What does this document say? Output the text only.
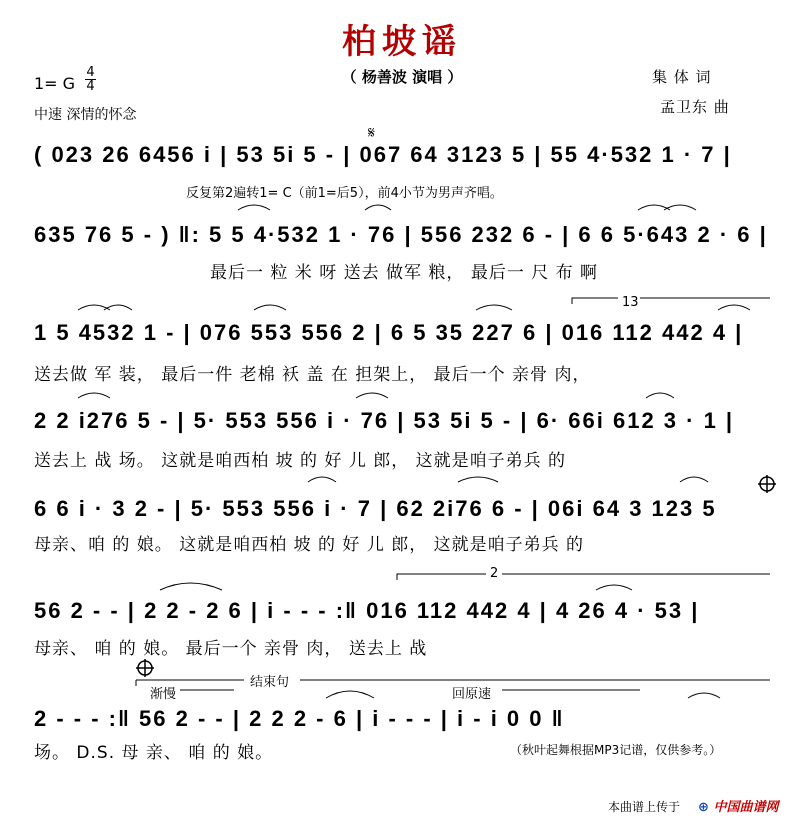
柏坡谣
（ 杨善波 演唱 ）
1= G $\frac{4}{4}$
中速 深情的怀念
集 体 词
孟卫东 曲
( 023 26 6456 i | 53 5i 5 - | 067 64 3123 5 | 55 4·532 1 · 7 |
反复第2遍转1= C（前1=后5），前4小节为男声齐唱。
635 76 5 - ) ‖: 5 5 4·532 1 · 76 | 556 232 6 - | 6 6 5·643 2 · 6 |
最后一 粒 米 呀 送去 做军 粮， 最后一 尺 布 啊
13
1 5 4532 1 - | 076 553 556 2 | 6 5 35 227 6 | 016 112 442 4 |
送去做 军 装， 最后一件 老棉 袄 盖 在 担架上， 最后一个 亲骨 肉，
2 2 i276 5 - | 5· 553 556 i · 76 | 53 5i 5 - | 6· 66i 612 3 · 1 |
送去上 战 场。 这就是咱西柏 坡 的 好 儿 郎， 这就是咱子弟兵 的
6 6 i · 3 2 - | 5· 553 556 i · 7 | 62 2i76 6 - | 06i 64 3 123 5
母亲、咱 的 娘。 这就是咱西柏 坡 的 好 儿 郎， 这就是咱子弟兵 的
2
56 2 - - | 2 2 - 2 6 | i - - - :‖ 016 112 442 4 | 4 26 4 · 53 |
母亲、 咱 的 娘。 最后一个 亲骨 肉， 送去上 战
渐慢
结束句
回原速
2 - - - :‖ 56 2 - - | 2 2 2 - 6 | i - - - | i - i 0 0 ‖
场。 D.S. 母 亲、 咱 的 娘。	（秋叶起舞根据MP3记谱，仅供参考。）
本曲谱上传于 ⊕ 中国曲谱网
𝄋
